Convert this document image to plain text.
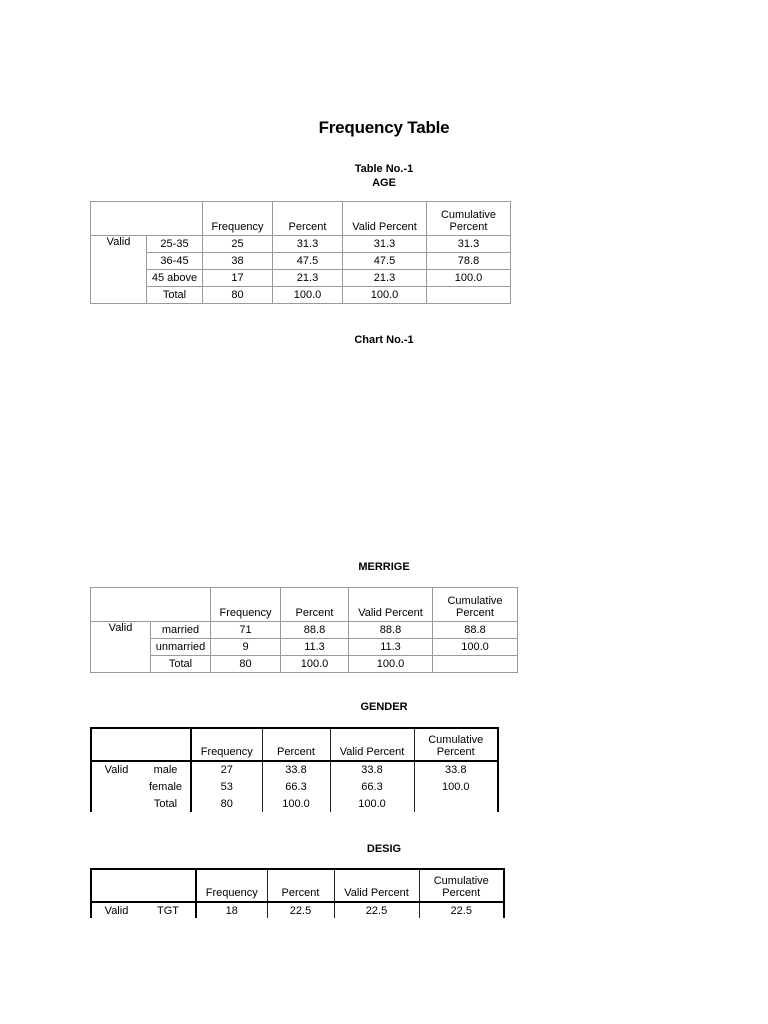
Frequency Table
Table No.-1
AGE
		Frequency	Percent	Valid Percent	Cumulative
Percent
Valid	25-35	25	31.3	31.3	31.3
	36-45	38	47.5	47.5	78.8
	45 above	17	21.3	21.3	100.0
	Total	80	100.0	100.0	
Chart No.-1
MERRIGE
		Frequency	Percent	Valid Percent	Cumulative
Percent
Valid	married	71	88.8	88.8	88.8
	unmarried	9	11.3	11.3	100.0
	Total	80	100.0	100.0	
GENDER
		Frequency	Percent	Valid Percent	Cumulative
Percent
Valid	male	27	33.8	33.8	33.8
	female	53	66.3	66.3	100.0
	Total	80	100.0	100.0	
DESIG
		Frequency	Percent	Valid Percent	Cumulative
Percent
Valid	TGT	18	22.5	22.5	22.5
